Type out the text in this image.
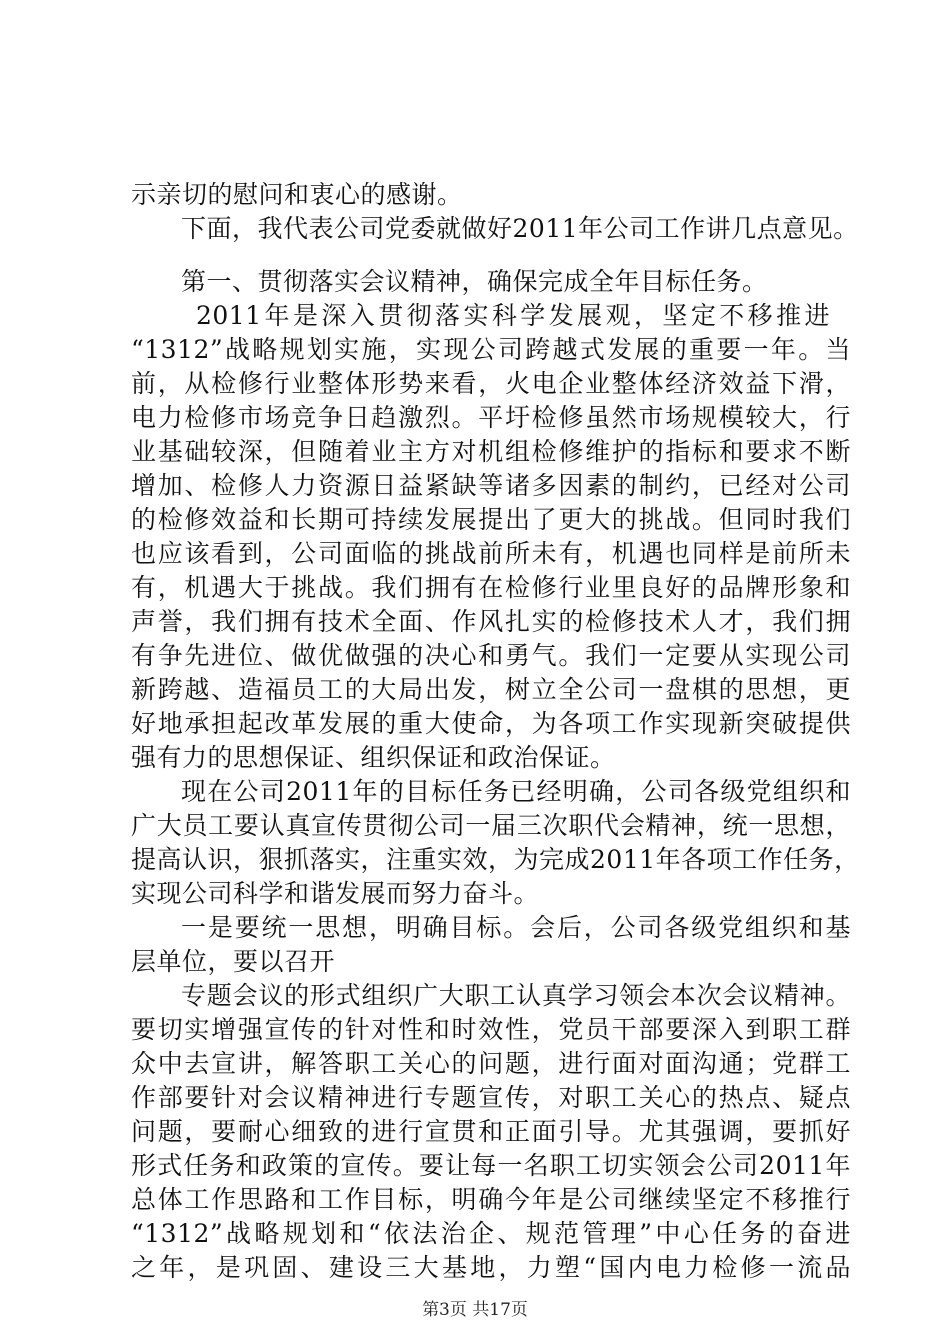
示亲切的慰问和衷心的感谢。
下面，我代表公司党委就做好2011年公司工作讲几点意见。
第一、贯彻落实会议精神，确保完成全年目标任务。
2011年是深入贯彻落实科学发展观，坚定不移推进
“1312”战略规划实施，实现公司跨越式发展的重要一年。当
前，从检修行业整体形势来看，火电企业整体经济效益下滑，
电力检修市场竞争日趋激烈。平圩检修虽然市场规模较大，行
业基础较深，但随着业主方对机组检修维护的指标和要求不断
增加、检修人力资源日益紧缺等诸多因素的制约，已经对公司
的检修效益和长期可持续发展提出了更大的挑战。但同时我们
也应该看到，公司面临的挑战前所未有，机遇也同样是前所未
有，机遇大于挑战。我们拥有在检修行业里良好的品牌形象和
声誉，我们拥有技术全面、作风扎实的检修技术人才，我们拥
有争先进位、做优做强的决心和勇气。我们一定要从实现公司
新跨越、造福员工的大局出发，树立全公司一盘棋的思想，更
好地承担起改革发展的重大使命，为各项工作实现新突破提供
强有力的思想保证、组织保证和政治保证。
现在公司2011年的目标任务已经明确，公司各级党组织和
广大员工要认真宣传贯彻公司一届三次职代会精神，统一思想，
提高认识，狠抓落实，注重实效，为完成2011年各项工作任务，
实现公司科学和谐发展而努力奋斗。
一是要统一思想，明确目标。会后，公司各级党组织和基
层单位，要以召开
专题会议的形式组织广大职工认真学习领会本次会议精神。
要切实增强宣传的针对性和时效性，党员干部要深入到职工群
众中去宣讲，解答职工关心的问题，进行面对面沟通；党群工
作部要针对会议精神进行专题宣传，对职工关心的热点、疑点
问题，要耐心细致的进行宣贯和正面引导。尤其强调，要抓好
形式任务和政策的宣传。要让每一名职工切实领会公司2011年
总体工作思路和工作目标，明确今年是公司继续坚定不移推行
“1312”战略规划和“依法治企、规范管理”中心任务的奋进
之年，是巩固、建设三大基地，力塑“国内电力检修一流品
第3页 共17页
